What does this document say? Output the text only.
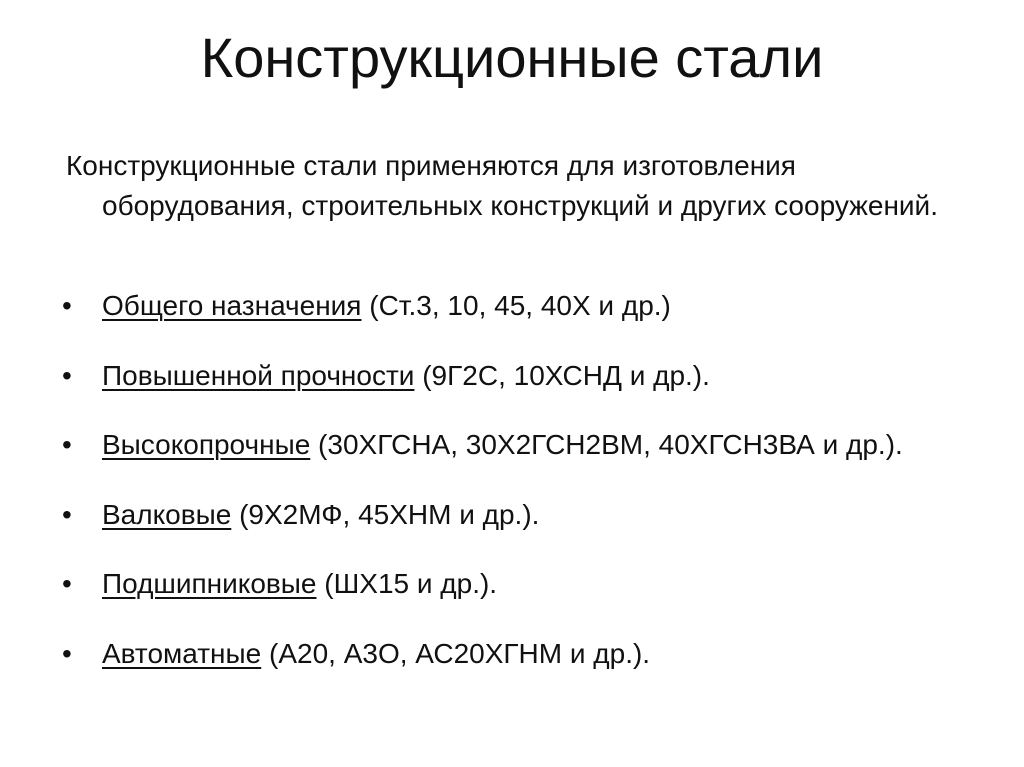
Конструкционные стали

Конструкционные стали применяются для изготовления оборудования, строительных конструкций и других сооружений.

•	Общего назначения (Ст.3, 10, 45, 40Х и др.)
•	Повышенной прочности (9Г2С, 10ХСНД и др.).
•	Высокопрочные (30ХГСНА, 30Х2ГСН2ВМ, 40ХГСН3ВА и др.).
•	Валковые (9Х2МФ, 45ХНМ и др.).
•	Подшипниковые (ШХ15 и др.).
•	Автоматные (А20, А3О, АС20ХГНМ и др.).
